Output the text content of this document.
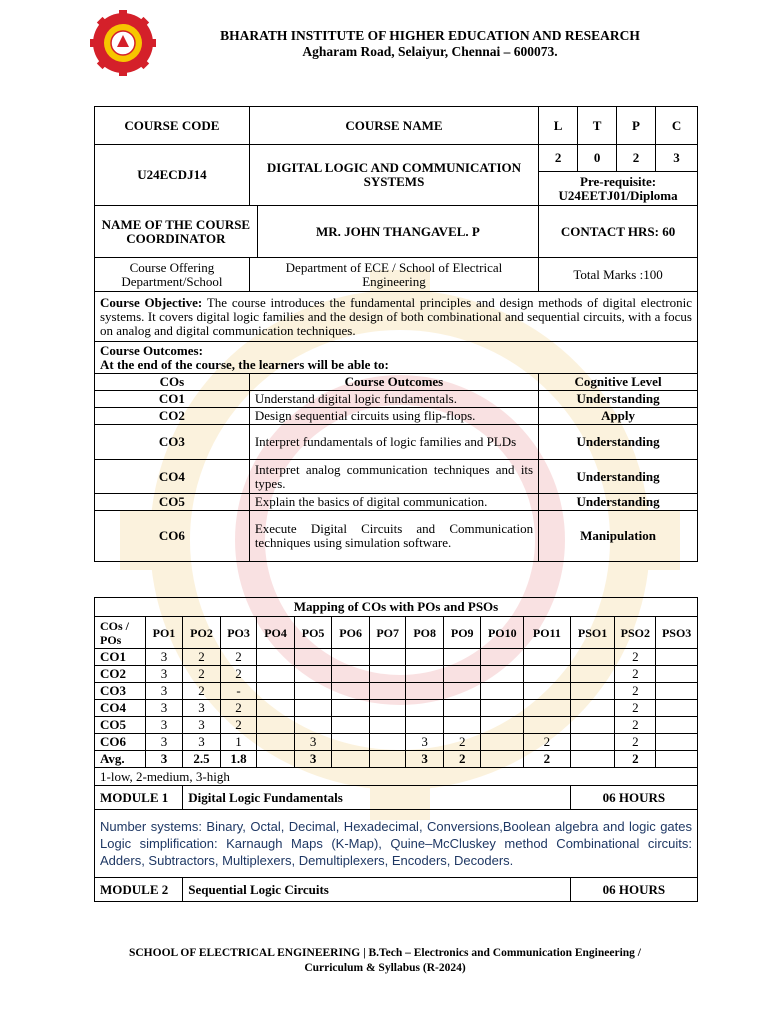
BHARATH INSTITUTE OF HIGHER EDUCATION AND RESEARCH
Agharam Road, Selaiyur, Chennai – 600073.
COURSE CODE	COURSE NAME		L	T	P	C
U24ECDJ14	DIGITAL LOGIC AND COMMUNICATION SYSTEMS		2	0	2	3

			Pre-requisite:
U24EETJ01/Diploma			

NAME OF THE COURSE COORDINATOR		MR. JOHN THANGAVEL. P	CONTACT HRS: 60			
Course Offering Department/School	Department of ECE / School of Electrical Engineering		Total Marks :100			
Course Objective: The course introduces the fundamental principles and design methods of digital electronic systems. It covers digital logic families and the design of both combinational and sequential circuits, with a focus on analog and digital communication techniques.						

Course Outcomes:
At the end of the course, the learners will be able to:						

COs	Course Outcomes		Cognitive Level			
CO1	Understand digital logic fundamentals.		Understanding			
CO2	Design sequential circuits using flip-flops.		Apply			
CO3	Interpret fundamentals of logic families and PLDs		Understanding			
CO4	Interpret analog communication techniques and its types.		Understanding			
CO5	Explain the basics of digital communication.		Understanding			
CO6	Execute Digital Circuits and Communication techniques using simulation software.		Manipulation			
Mapping of COs with POs and PSOs														
COs / POs	PO1	PO2	PO3	PO4	PO5	PO6	PO7	PO8	PO9	PO10	PO11	PSO1	PSO2	PSO3
CO1	3	2	2										2	
CO2	3	2	2										2	
CO3	3	2	-										2	
CO4	3	3	2										2	
CO5	3	3	2										2	
CO6	3	3	1		3			3	2		2		2	
Avg.	3	2.5	1.8		3			3	2		2		2	
1-low, 2-medium, 3-high														
MODULE 1		Digital Logic Fundamentals										06 HOURS		
Number systems: Binary, Octal, Decimal, Hexadecimal, Conversions,Boolean algebra and logic gates Logic simplification: Karnaugh Maps (K-Map), Quine–McCluskey method Combinational circuits: Adders, Subtractors, Multiplexers, Demultiplexers, Encoders, Decoders.														
MODULE 2		Sequential Logic Circuits										06 HOURS		
SCHOOL OF ELECTRICAL ENGINEERING | B.Tech – Electronics and Communication Engineering /
Curriculum & Syllabus (R-2024)
